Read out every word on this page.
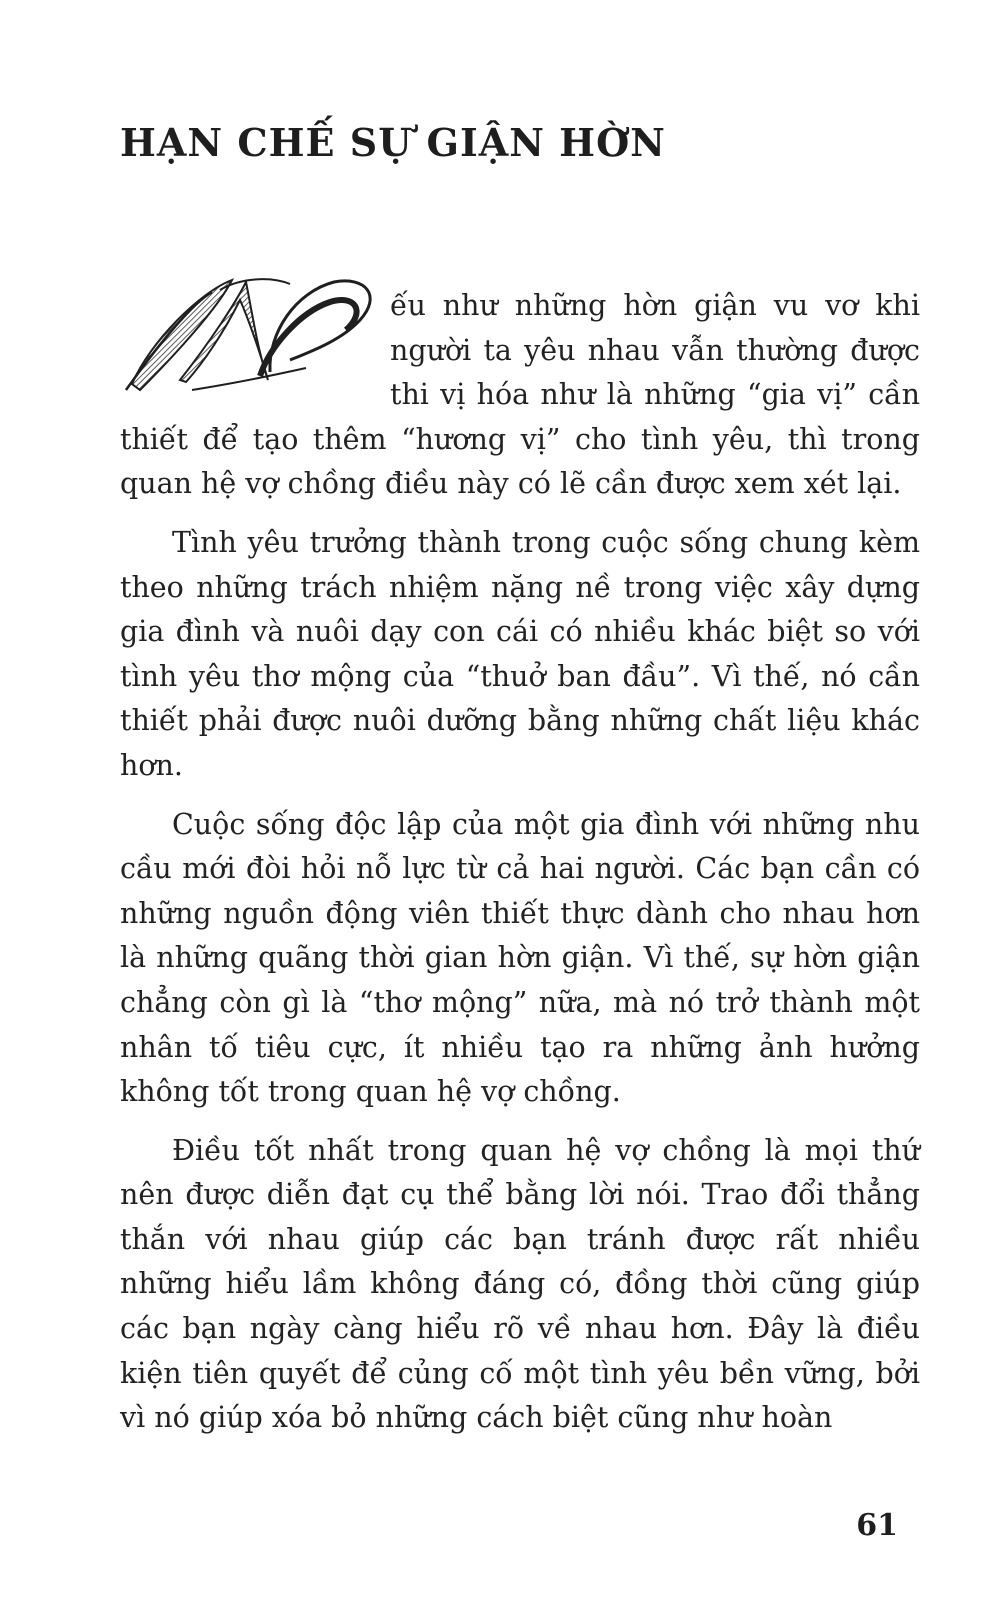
HẠN CHẾ SỰ GIẬN HỜN

ếu như những hờn giận vu vơ khi người ta yêu nhau vẫn thường được thi vị hóa như là những “gia vị” cần thiết để tạo thêm “hương vị” cho tình yêu, thì trong quan hệ vợ chồng điều này có lẽ cần được xem xét lại.

Tình yêu trưởng thành trong cuộc sống chung kèm theo những trách nhiệm nặng nề trong việc xây dựng gia đình và nuôi dạy con cái có nhiều khác biệt so với tình yêu thơ mộng của “thuở ban đầu”. Vì thế, nó cần thiết phải được nuôi dưỡng bằng những chất liệu khác hơn.

Cuộc sống độc lập của một gia đình với những nhu cầu mới đòi hỏi nỗ lực từ cả hai người. Các bạn cần có những nguồn động viên thiết thực dành cho nhau hơn là những quãng thời gian hờn giận. Vì thế, sự hờn giận chẳng còn gì là “thơ mộng” nữa, mà nó trở thành một nhân tố tiêu cực, ít nhiều tạo ra những ảnh hưởng không tốt trong quan hệ vợ chồng.

Điều tốt nhất trong quan hệ vợ chồng là mọi thứ nên được diễn đạt cụ thể bằng lời nói. Trao đổi thẳng thắn với nhau giúp các bạn tránh được rất nhiều những hiểu lầm không đáng có, đồng thời cũng giúp các bạn ngày càng hiểu rõ về nhau hơn. Đây là điều kiện tiên quyết để củng cố một tình yêu bền vững, bởi vì nó giúp xóa bỏ những cách biệt cũng như hoàn

61
